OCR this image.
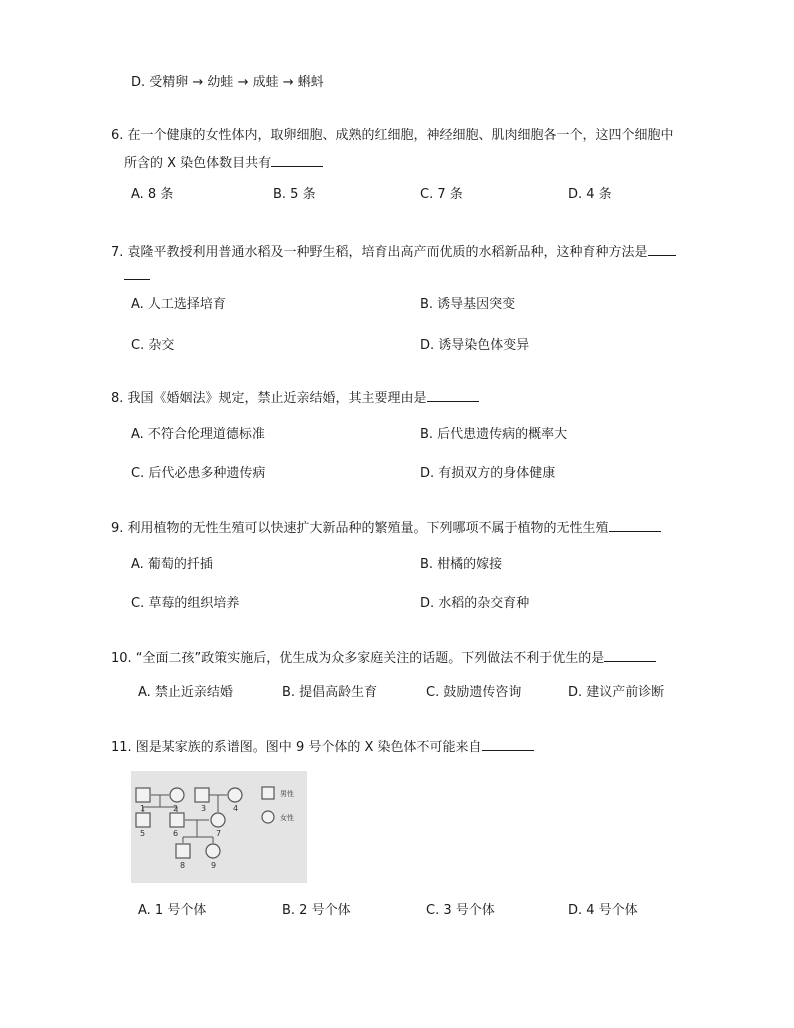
D. 受精卵 → 幼蛙 → 成蛙 → 蝌蚪
6. 在一个健康的女性体内，取卵细胞、成熟的红细胞，神经细胞、肌肉细胞各一个，这四个细胞中
所含的 X 染色体数目共有
A. 8 条	B. 5 条	C. 7 条	D. 4 条
7. 袁隆平教授利用普通水稻及一种野生稻，培育出高产而优质的水稻新品种，这种育种方法是
A. 人工选择培育	B. 诱导基因突变
C. 杂交	D. 诱导染色体变异
8. 我国《婚姻法》规定，禁止近亲结婚，其主要理由是
A. 不符合伦理道德标准	B. 后代患遗传病的概率大
C. 后代必患多种遗传病	D. 有损双方的身体健康
9. 利用植物的无性生殖可以快速扩大新品种的繁殖量。下列哪项不属于植物的无性生殖
A. 葡萄的扦插	B. 柑橘的嫁接
C. 草莓的组织培养	D. 水稻的杂交育种
10. “全面二孩”政策实施后，优生成为众多家庭关注的话题。下列做法不利于优生的是
A. 禁止近亲结婚	B. 提倡高龄生育	C. 鼓励遗传咨询	D. 建议产前诊断
11. 图是某家族的系谱图。图中 9 号个体的 X 染色体不可能来自
1	2	3	4
5	6	7
8	9
男性
女性
A. 1 号个体	B. 2 号个体	C. 3 号个体	D. 4 号个体
